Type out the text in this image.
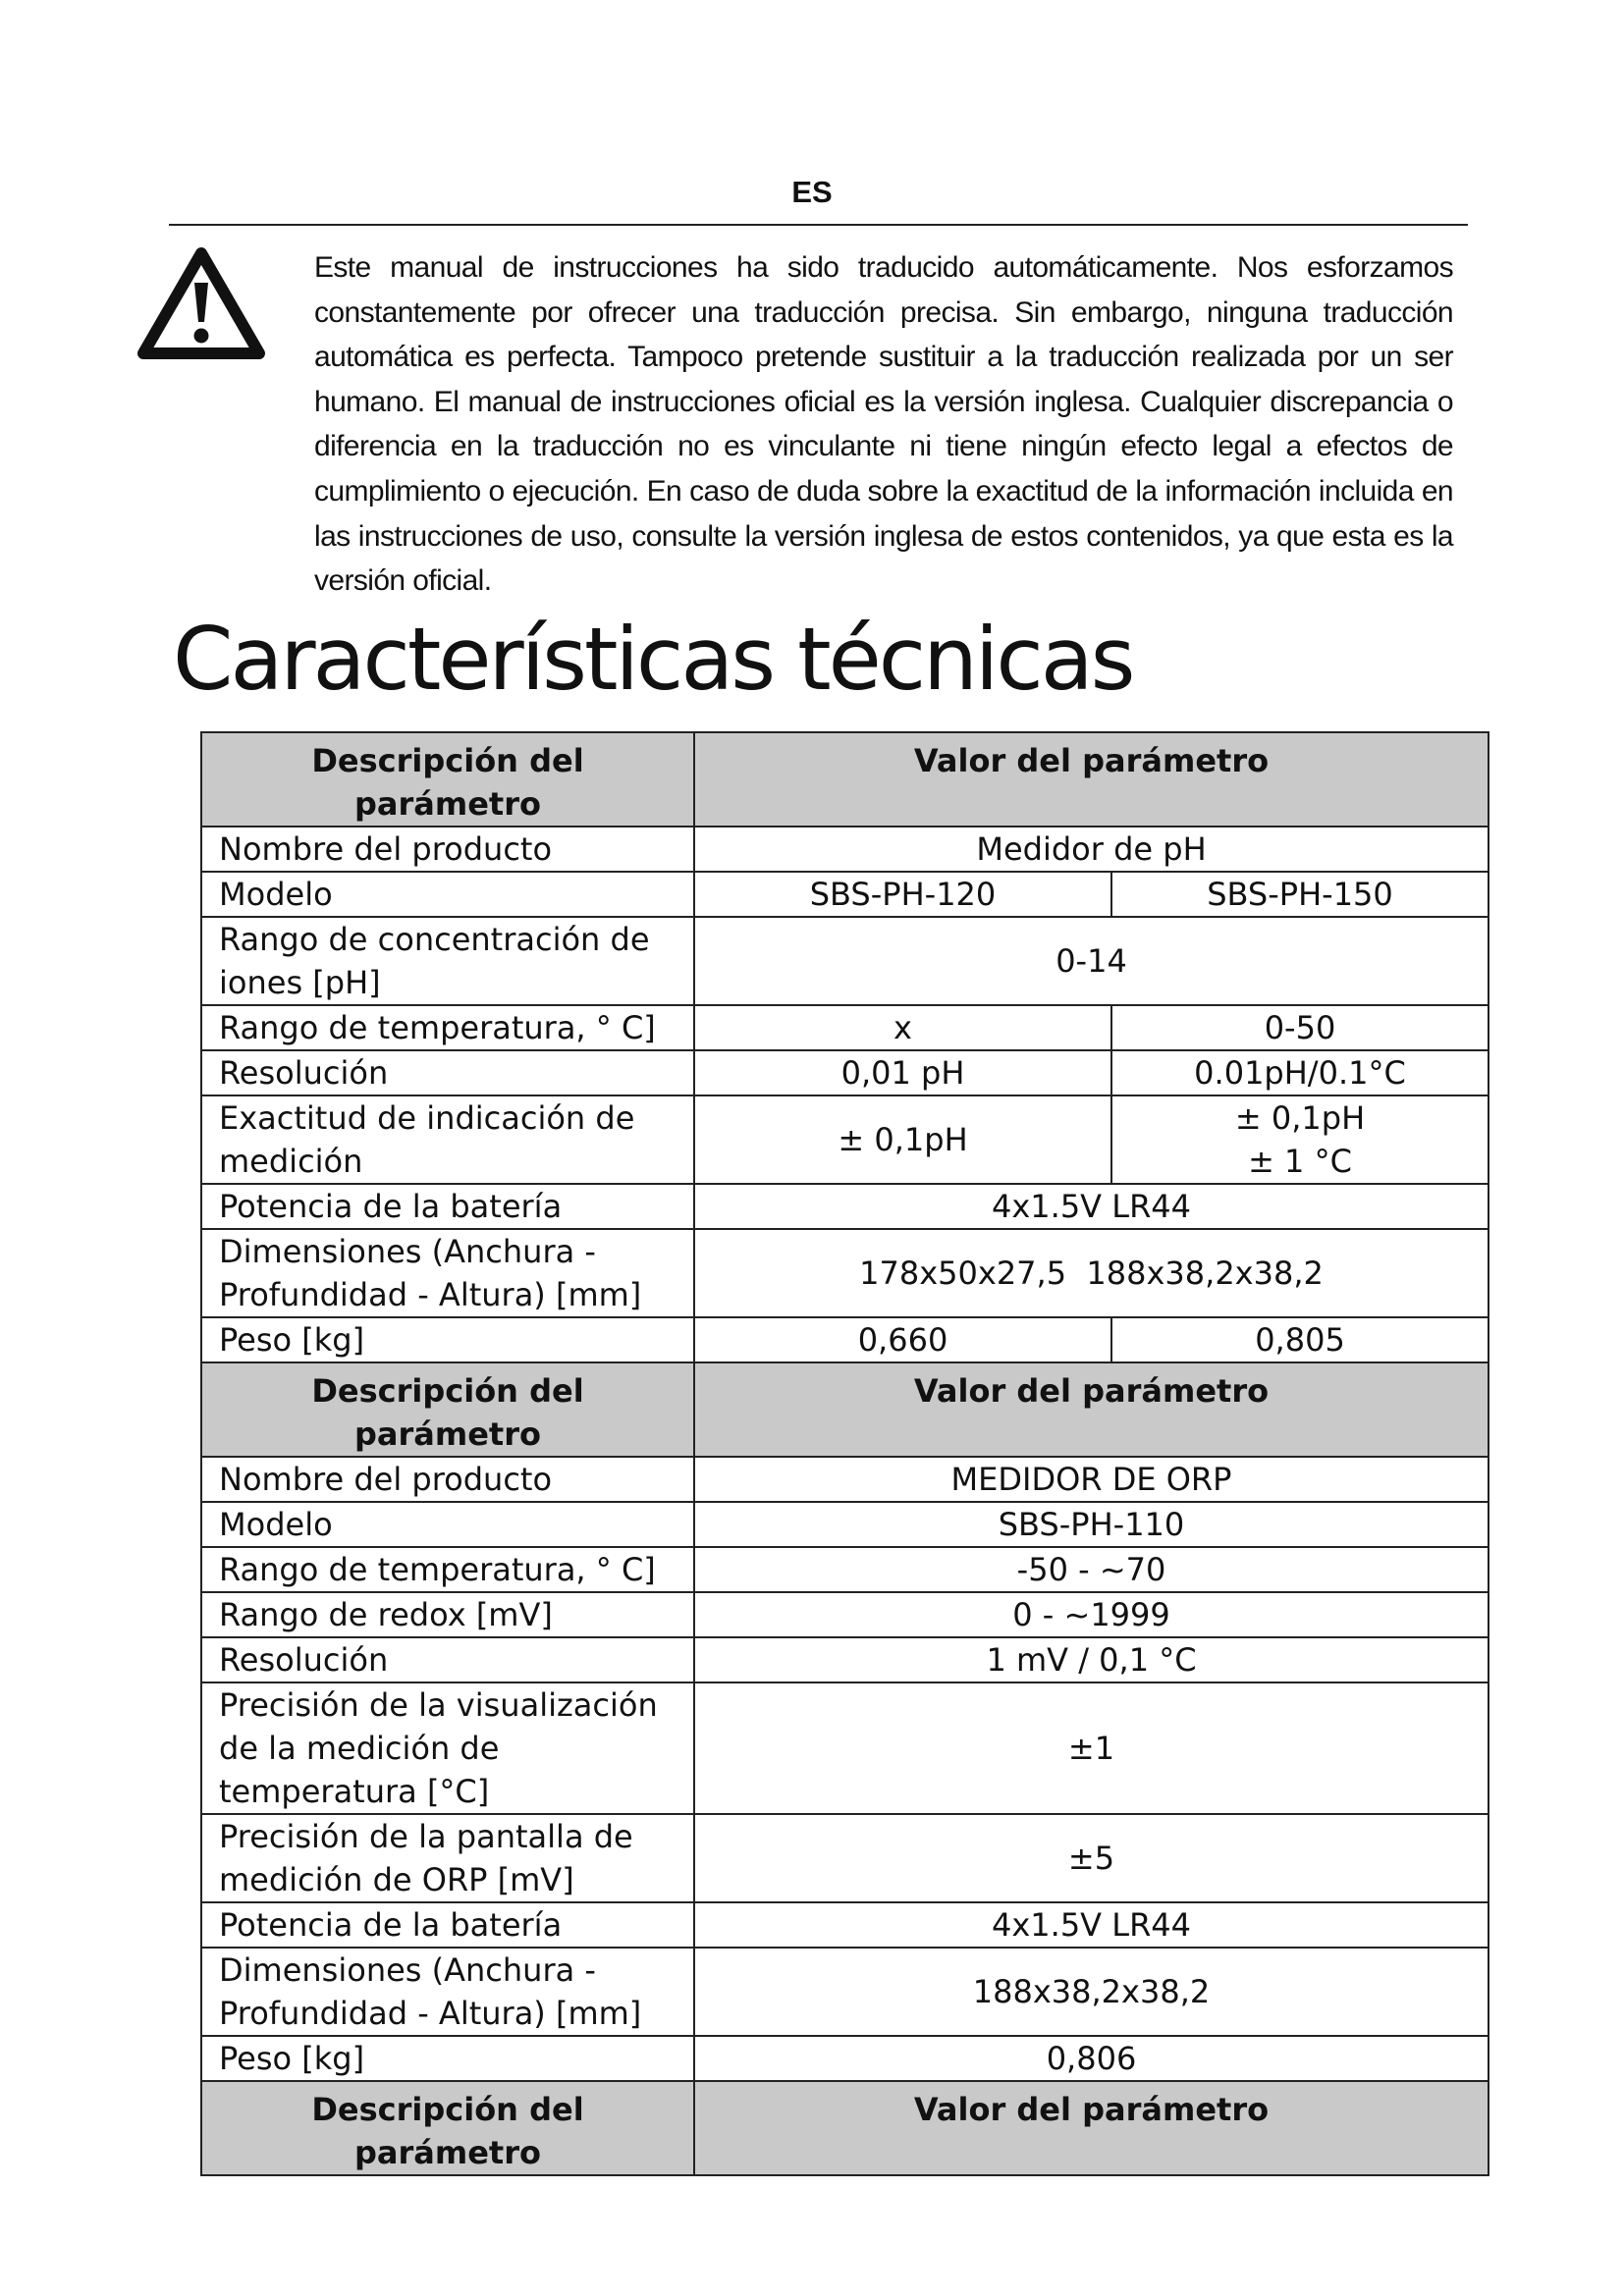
ES

Este manual de instrucciones ha sido traducido automáticamente. Nos esforzamos constantemente por ofrecer una traducción precisa. Sin embargo, ninguna traducción automática es perfecta. Tampoco pretende sustituir a la traducción realizada por un ser humano. El manual de instrucciones oficial es la versión inglesa. Cualquier discrepancia o diferencia en la traducción no es vinculante ni tiene ningún efecto legal a efectos de cumplimiento o ejecución. En caso de duda sobre la exactitud de la información incluida en las instrucciones de uso, consulte la versión inglesa de estos contenidos, ya que esta es la versión oficial.

Características técnicas
Descripción del parámetro	Valor del parámetro	
Nombre del producto	Medidor de pH	
Modelo	SBS-PH-120	SBS-PH-150
Rango de concentración de iones [pH]	0-14	
Rango de temperatura, ° C]	x	0-50
Resolución	0,01 pH	0.01pH/0.1°C
Exactitud de indicación de medición	± 0,1pH	± 0,1pH
± 1 °C

Potencia de la batería	4x1.5V LR44	
Dimensiones (Anchura - Profundidad - Altura) [mm]	178x50x27,5  188x38,2x38,2	
Peso [kg]	0,660	0,805
Descripción del parámetro	Valor del parámetro	
Nombre del producto	MEDIDOR DE ORP	
Modelo	SBS-PH-110	
Rango de temperatura, ° C]	-50 - ~70	
Rango de redox [mV]	0 - ~1999	
Resolución	1 mV / 0,1 °C	
Precisión de la visualización de la medición de temperatura [°C]	±1	
Precisión de la pantalla de medición de ORP [mV]	±5	
Potencia de la batería	4x1.5V LR44	
Dimensiones (Anchura - Profundidad - Altura) [mm]	188x38,2x38,2	
Peso [kg]	0,806	
Descripción del parámetro	Valor del parámetro	
